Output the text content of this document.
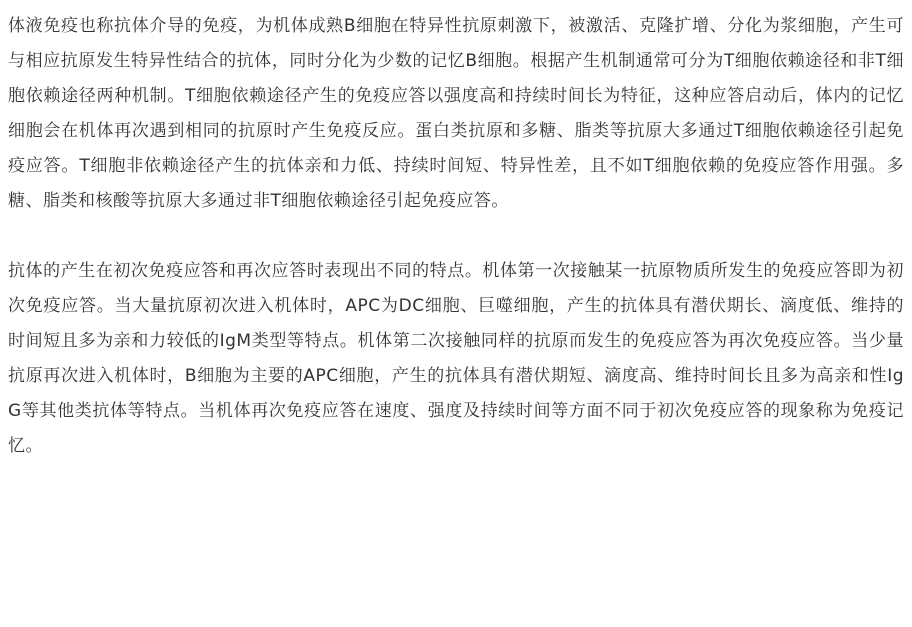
体液免疫也称抗体介导的免疫，为机体成熟B细胞在特异性抗原刺激下，被激活、克隆扩增、分化为浆细胞，产生可与相应抗原发生特异性结合的抗体，同时分化为少数的记忆B细胞。根据产生机制通常可分为T细胞依赖途径和非T细胞依赖途径两种机制。T细胞依赖途径产生的免疫应答以强度高和持续时间长为特征，这种应答启动后，体内的记忆细胞会在机体再次遇到相同的抗原时产生免疫反应。蛋白类抗原和多糖、脂类等抗原大多通过T细胞依赖途径引起免疫应答。T细胞非依赖途径产生的抗体亲和力低、持续时间短、特异性差，且不如T细胞依赖的免疫应答作用强。多糖、脂类和核酸等抗原大多通过非T细胞依赖途径引起免疫应答。

抗体的产生在初次免疫应答和再次应答时表现出不同的特点。机体第一次接触某一抗原物质所发生的免疫应答即为初次免疫应答。当大量抗原初次进入机体时，APC为DC细胞、巨噬细胞，产生的抗体具有潜伏期长、滴度低、维持的时间短且多为亲和力较低的IgM类型等特点。机体第二次接触同样的抗原而发生的免疫应答为再次免疫应答。当少量抗原再次进入机体时，B细胞为主要的APC细胞，产生的抗体具有潜伏期短、滴度高、维持时间长且多为高亲和性IgG等其他类抗体等特点。当机体再次免疫应答在速度、强度及持续时间等方面不同于初次免疫应答的现象称为免疫记忆。
